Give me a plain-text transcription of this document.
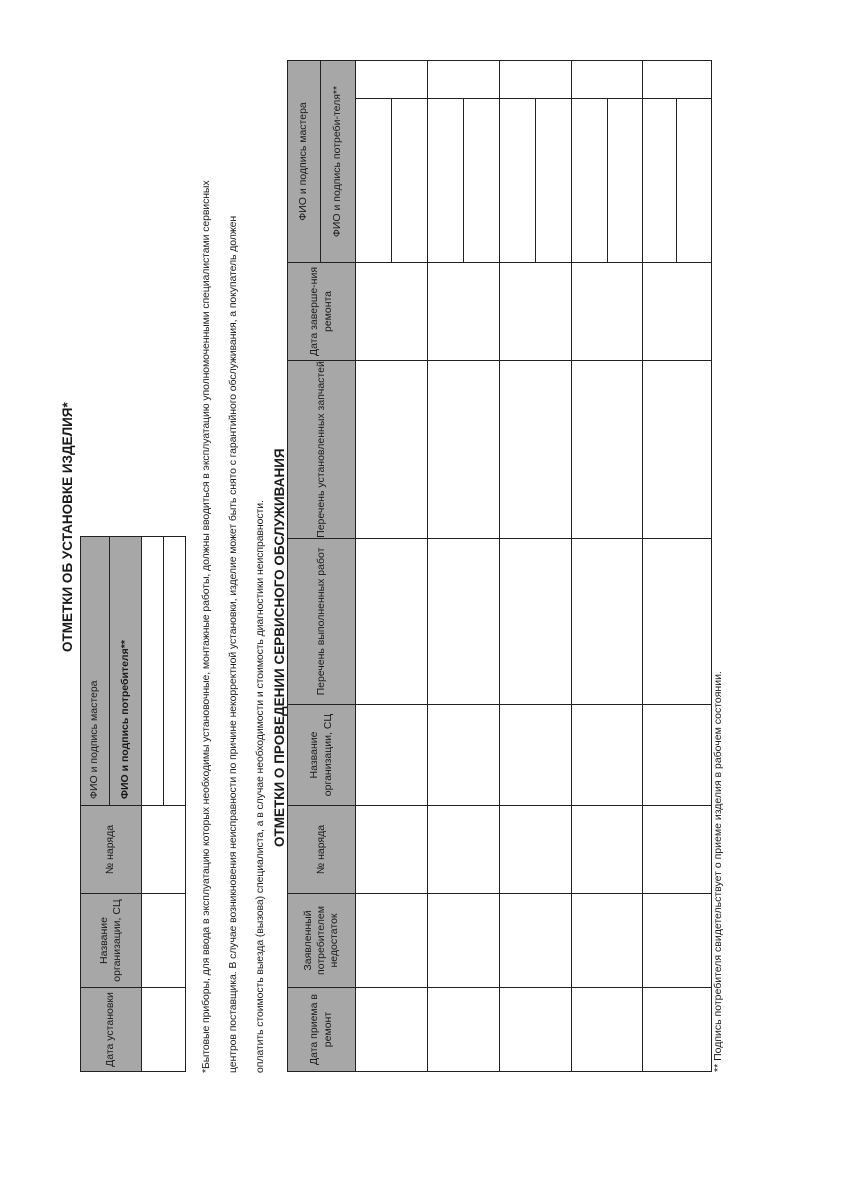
ОТМЕТКИ ОБ УСТАНОВКЕ ИЗДЕЛИЯ*
Дата установки	Название организации, СЦ	№ наряда	ФИО и подпись мастера
			ФИО и подпись потребителя**
				*Бытовые приборы, для ввода в эксплуатацию которых необходимы установочные, монтажные работы, должны вводиться в эксплуатацию уполномоченными специалистами сервисных центров поставщика. В случае возникновения неисправности по причине некорректной установки, изделие может быть снято с гарантийного обслуживания, а покупатель должен оплатить стоимость выезда (вызова) специалиста, а в случае необходимости и стоимость диагностики неисправности. ОТМЕТКИ О ПРОВЕДЕНИИ СЕРВИСНОГО ОБСЛУЖИВАНИЯ
Дата приема в ремонт	Заявленный потребителем недостаток	№ наряда	Название организации, СЦ	Перечень выполненных работ	Перечень установленных запчастей	Дата заверше-ния ремонта	ФИО и подпись мастера	
							ФИО и подпись потреби-теля**	

** Подпись потребителя свидетельствует о приеме изделия в рабочем состоянии.
